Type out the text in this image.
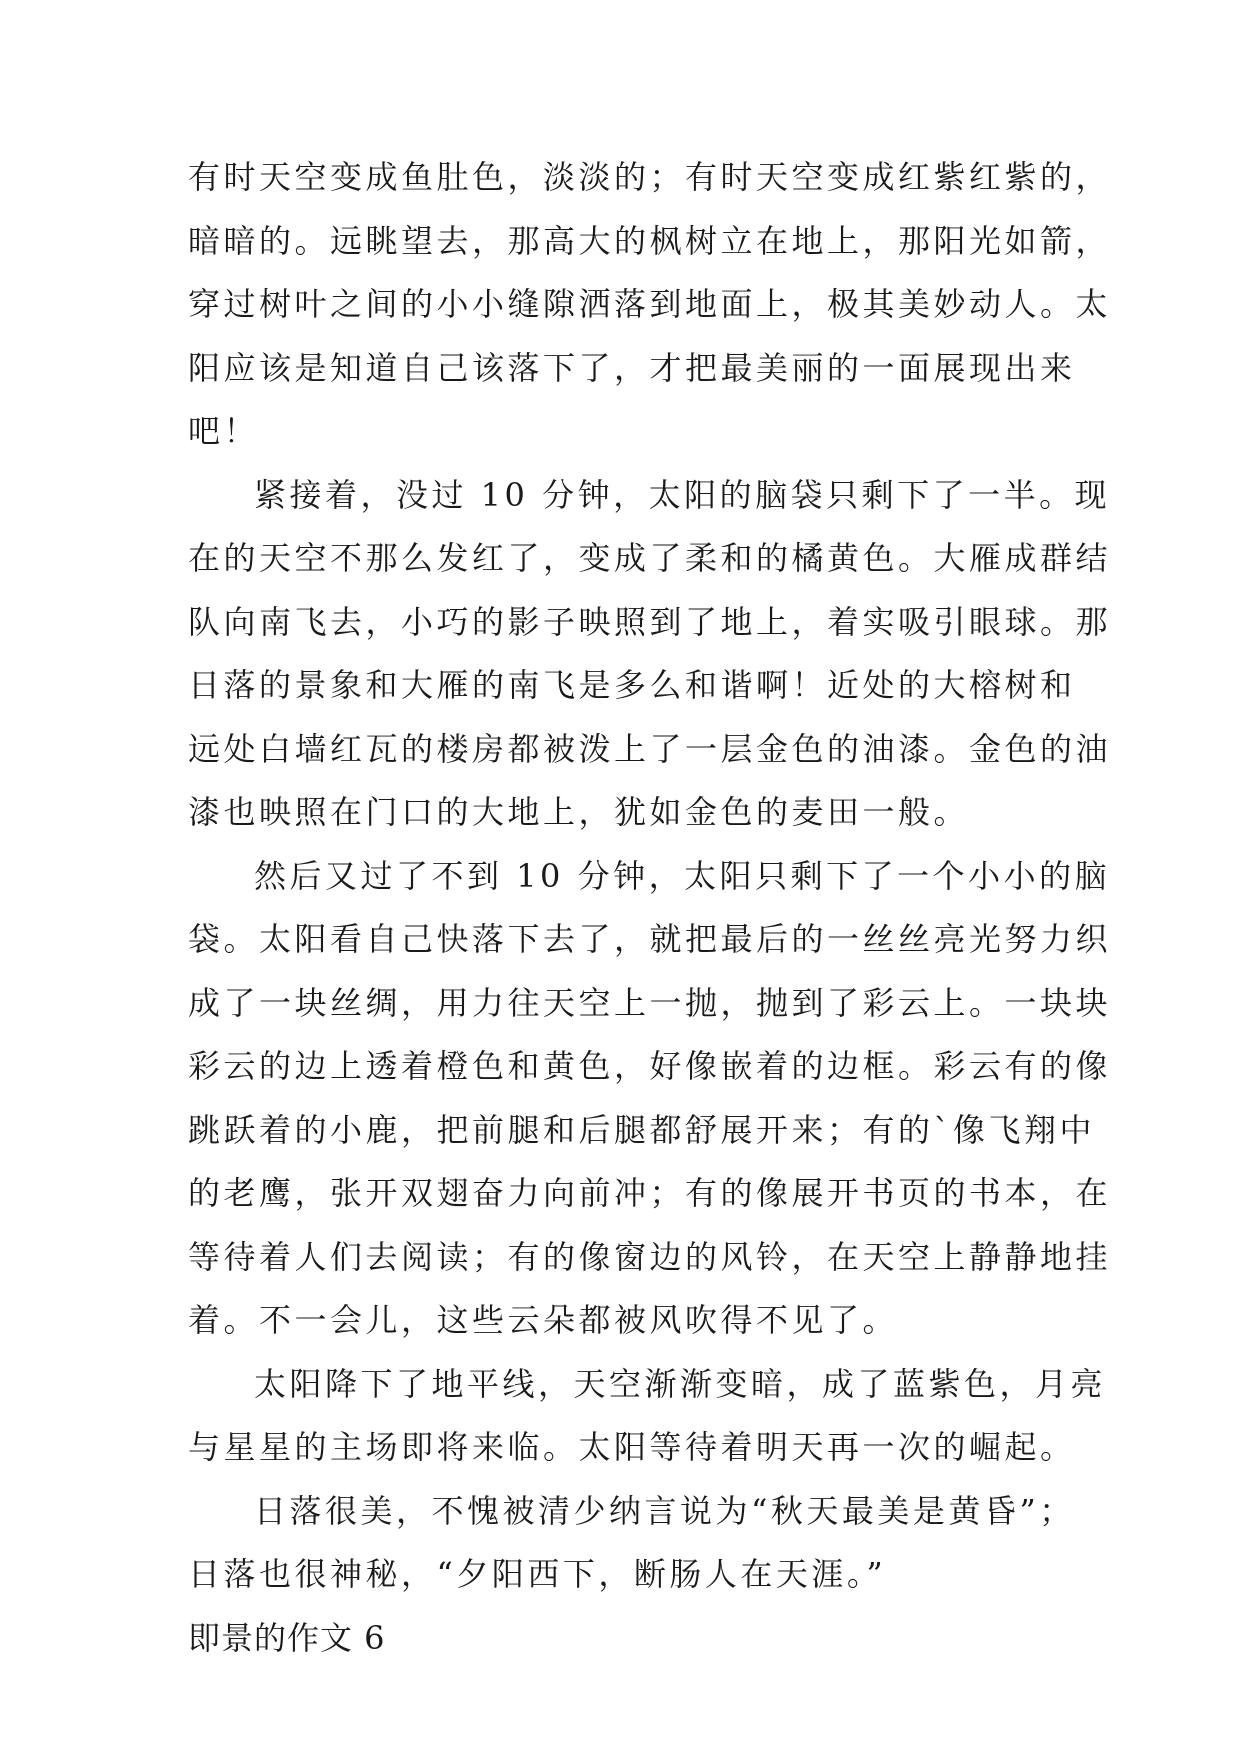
有时天空变成鱼肚色，淡淡的；有时天空变成红紫红紫的，
暗暗的。远眺望去，那高大的枫树立在地上，那阳光如箭，
穿过树叶之间的小小缝隙洒落到地面上，极其美妙动人。太
阳应该是知道自己该落下了，才把最美丽的一面展现出来
吧！
紧接着，没过 10 分钟，太阳的脑袋只剩下了一半。现
在的天空不那么发红了，变成了柔和的橘黄色。大雁成群结
队向南飞去，小巧的影子映照到了地上，着实吸引眼球。那
日落的景象和大雁的南飞是多么和谐啊！近处的大榕树和
远处白墙红瓦的楼房都被泼上了一层金色的油漆。金色的油
漆也映照在门口的大地上，犹如金色的麦田一般。
然后又过了不到 10 分钟，太阳只剩下了一个小小的脑
袋。太阳看自己快落下去了，就把最后的一丝丝亮光努力织
成了一块丝绸，用力往天空上一抛，抛到了彩云上。一块块
彩云的边上透着橙色和黄色，好像嵌着的边框。彩云有的像
跳跃着的小鹿，把前腿和后腿都舒展开来；有的`像飞翔中
的老鹰，张开双翅奋力向前冲；有的像展开书页的书本，在
等待着人们去阅读；有的像窗边的风铃，在天空上静静地挂
着。不一会儿，这些云朵都被风吹得不见了。
太阳降下了地平线，天空渐渐变暗，成了蓝紫色，月亮
与星星的主场即将来临。太阳等待着明天再一次的崛起。
日落很美，不愧被清少纳言说为“秋天最美是黄昏”；
日落也很神秘，“夕阳西下，断肠人在天涯。”
即景的作文 6
